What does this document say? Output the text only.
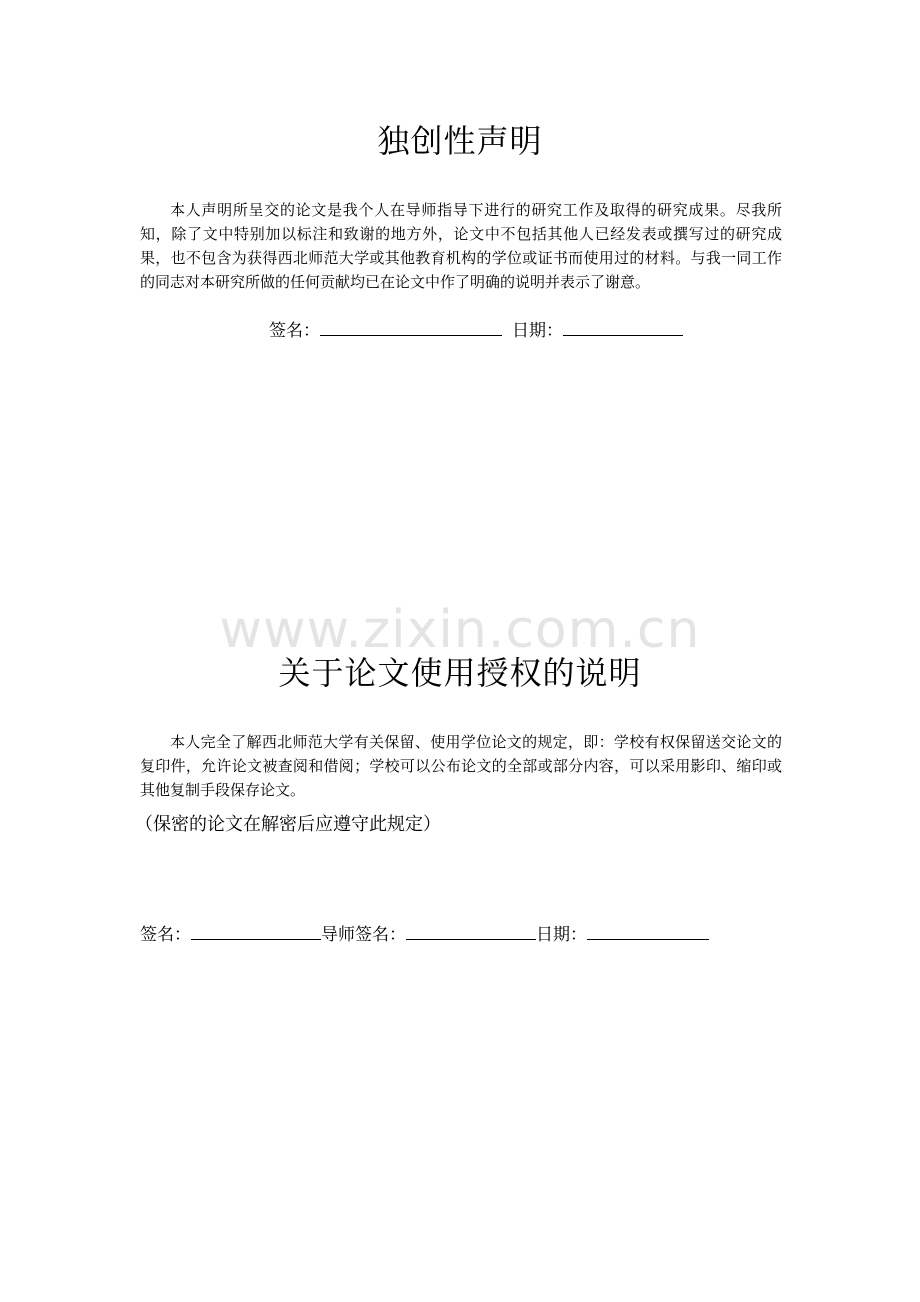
独创性声明

本人声明所呈交的论文是我个人在导师指导下进行的研究工作及取得的研究成果。尽我所知，除了文中特别加以标注和致谢的地方外，论文中不包括其他人已经发表或撰写过的研究成果，也不包含为获得西北师范大学或其他教育机构的学位或证书而使用过的材料。与我一同工作的同志对本研究所做的任何贡献均已在论文中作了明确的说明并表示了谢意。

签名：	日期：
www.zixin.com.cn
关于论文使用授权的说明

本人完全了解西北师范大学有关保留、使用学位论文的规定，即：学校有权保留送交论文的复印件，允许论文被查阅和借阅；学校可以公布论文的全部或部分内容，可以采用影印、缩印或其他复制手段保存论文。

（保密的论文在解密后应遵守此规定）

签名：	导师签名：	日期：
